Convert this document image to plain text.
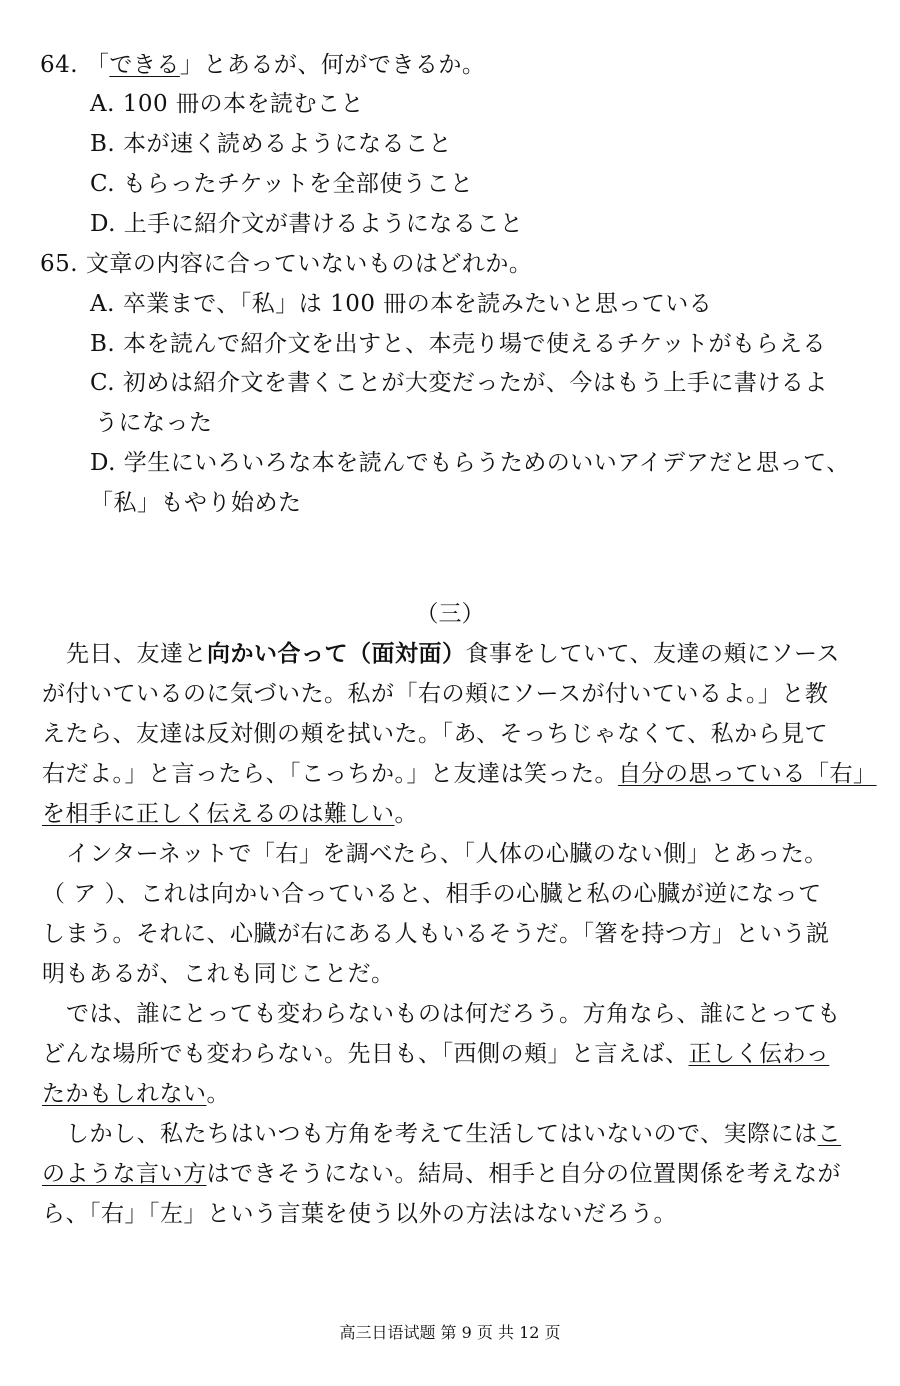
64. 「できる」とあるが、何ができるか。
A. 100 冊の本を読むこと
B. 本が速く読めるようになること
C. もらったチケットを全部使うこと
D. 上手に紹介文が書けるようになること
65. 文章の内容に合っていないものはどれか。
A. 卒業まで、「私」は 100 冊の本を読みたいと思っている
B. 本を読んで紹介文を出すと、本売り場で使えるチケットがもらえる
C. 初めは紹介文を書くことが大変だったが、今はもう上手に書けるよ
うになった
D. 学生にいろいろな本を読んでもらうためのいいアイデアだと思って、
「私」もやり始めた
（三）
先日、友達と向かい合って（面対面）食事をしていて、友達の頬にソース
が付いているのに気づいた。私が「右の頬にソースが付いているよ。」と教
えたら、友達は反対側の頬を拭いた。「あ、そっちじゃなくて、私から見て
右だよ。」と言ったら、「こっちか。」と友達は笑った。自分の思っている「右」
を相手に正しく伝えるのは難しい。
インターネットで「右」を調べたら、「人体の心臓のない側」とあった。
（ ア ）、これは向かい合っていると、相手の心臓と私の心臓が逆になって
しまう。それに、心臓が右にある人もいるそうだ。「箸を持つ方」という説
明もあるが、これも同じことだ。
では、誰にとっても変わらないものは何だろう。方角なら、誰にとっても
どんな場所でも変わらない。先日も、「西側の頬」と言えば、正しく伝わっ
たかもしれない。
しかし、私たちはいつも方角を考えて生活してはいないので、実際にはこ
のような言い方はできそうにない。結局、相手と自分の位置関係を考えなが
ら、「右」「左」という言葉を使う以外の方法はないだろう。
高三日语试题 第 9 页 共 12 页
